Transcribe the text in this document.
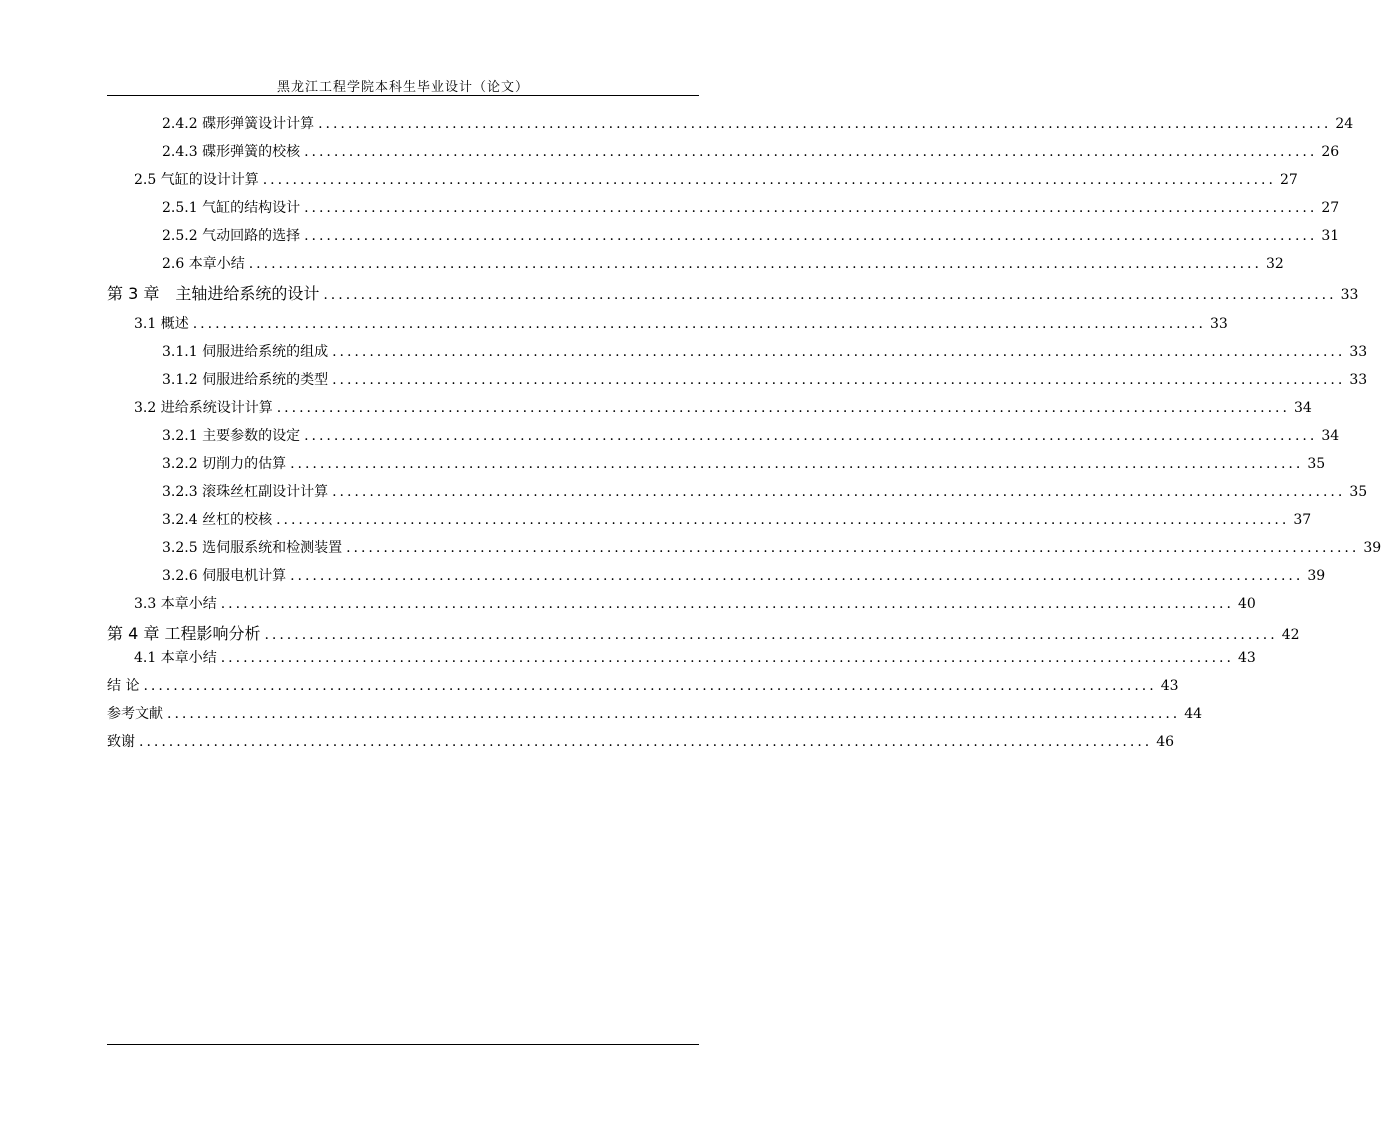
黑龙江工程学院本科生毕业设计（论文）
2.4.2 碟形弹簧设计计算 ........................................................................................................................................ 24
2.4.3 碟形弹簧的校核 ........................................................................................................................................ 26
2.5 气缸的设计计算 ........................................................................................................................................ 27
2.5.1 气缸的结构设计 ........................................................................................................................................ 27
2.5.2 气动回路的选择 ........................................................................................................................................ 31
2.6 本章小结 ........................................................................................................................................ 32
第 3 章　主轴进给系统的设计 ........................................................................................................................................ 33
3.1 概述 ........................................................................................................................................ 33
3.1.1 伺服进给系统的组成 ........................................................................................................................................ 33
3.1.2 伺服进给系统的类型 ........................................................................................................................................ 33
3.2 进给系统设计计算 ........................................................................................................................................ 34
3.2.1 主要参数的设定 ........................................................................................................................................ 34
3.2.2 切削力的估算 ........................................................................................................................................ 35
3.2.3 滚珠丝杠副设计计算 ........................................................................................................................................ 35
3.2.4 丝杠的校核 ........................................................................................................................................ 37
3.2.5 选伺服系统和检测装置 ........................................................................................................................................ 39
3.2.6 伺服电机计算 ........................................................................................................................................ 39
3.3 本章小结 ........................................................................................................................................ 40
第 4 章 工程影响分析 ........................................................................................................................................ 42
4.1 本章小结 ........................................................................................................................................ 43
结 论 ........................................................................................................................................ 43
参考文献 ........................................................................................................................................ 44
致谢 ........................................................................................................................................ 46
